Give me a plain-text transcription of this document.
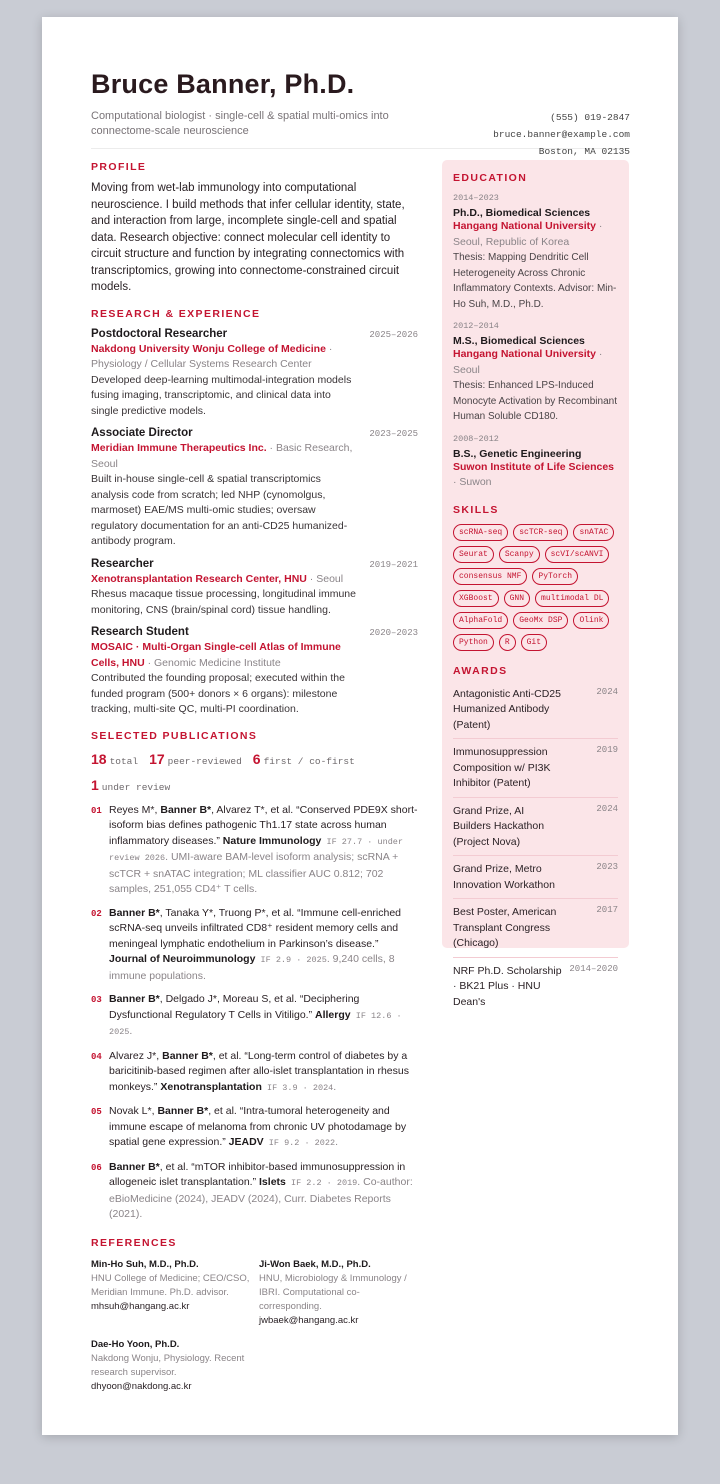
Bruce Banner, Ph.D.
Computational biologist · single-cell & spatial multi-omics into connectome-scale neuroscience
(555) 019-2847
bruce.banner@example.com
Boston, MA 02135
PROFILE
Moving from wet-lab immunology into computational neuroscience. I build methods that infer cellular identity, state, and interaction from large, incomplete single-cell and spatial data. Research objective: connect molecular cell identity to circuit structure and function by integrating connectomics with transcriptomics, growing into connectome-constrained circuit models.
RESEARCH & EXPERIENCE
Postdoctoral Researcher	2025–2026
Nakdong University Wonju College of Medicine · Physiology / Cellular Systems Research Center
Developed deep-learning multimodal-integration models fusing imaging, transcriptomic, and clinical data into single predictive models.
Associate Director	2023–2025
Meridian Immune Therapeutics Inc. · Basic Research, Seoul
Built in-house single-cell & spatial transcriptomics analysis code from scratch; led NHP (cynomolgus, marmoset) EAE/MS multi-omic studies; oversaw regulatory documentation for an anti-CD25 humanized-antibody program.
Researcher	2019–2021
Xenotransplantation Research Center, HNU · Seoul
Rhesus macaque tissue processing, longitudinal immune monitoring, CNS (brain/spinal cord) tissue handling.
Research Student	2020–2023
MOSAIC · Multi-Organ Single-cell Atlas of Immune Cells, HNU · Genomic Medicine Institute
Contributed the founding proposal; executed within the funded program (500+ donors × 6 organs): milestone tracking, multi-site QC, multi-PI coordination.
SELECTED PUBLICATIONS
18 total 17 peer-reviewed 6 first / co-first
1 under review
01 Reyes M*, Banner B*, Alvarez T*, et al. “Conserved PDE9X short-isoform bias defines pathogenic Th1.17 state across human inflammatory diseases.” Nature Immunology IF 27.7 · under review 2026. UMI-aware BAM-level isoform analysis; scRNA + scTCR + snATAC integration; ML classifier AUC 0.812; 702 samples, 251,055 CD4⁺ T cells.
02 Banner B*, Tanaka Y*, Truong P*, et al. “Immune cell-enriched scRNA-seq unveils infiltrated CD8⁺ resident memory cells and meningeal lymphatic endothelium in Parkinson’s disease.” Journal of Neuroimmunology IF 2.9 · 2025. 9,240 cells, 8 immune populations.
03 Banner B*, Delgado J*, Moreau S, et al. “Deciphering Dysfunctional Regulatory T Cells in Vitiligo.” Allergy IF 12.6 · 2025.
04 Alvarez J*, Banner B*, et al. “Long-term control of diabetes by a baricitinib-based regimen after allo-islet transplantation in rhesus monkeys.” Xenotransplantation IF 3.9 · 2024.
05 Novak L*, Banner B*, et al. “Intra-tumoral heterogeneity and immune escape of melanoma from chronic UV photodamage by spatial gene expression.” JEADV IF 9.2 · 2022.
06 Banner B*, et al. “mTOR inhibitor-based immunosuppression in allogeneic islet transplantation.” Islets IF 2.2 · 2019. Co-author: eBioMedicine (2024), JEADV (2024), Curr. Diabetes Reports (2021).
REFERENCES
Min-Ho Suh, M.D., Ph.D.
HNU College of Medicine; CEO/CSO, Meridian Immune. Ph.D. advisor.
mhsuh@hangang.ac.kr
Ji-Won Baek, M.D., Ph.D.
HNU, Microbiology & Immunology / IBRI. Computational co-corresponding.
jwbaek@hangang.ac.kr
Dae-Ho Yoon, Ph.D.
Nakdong Wonju, Physiology. Recent research supervisor.
dhyoon@nakdong.ac.kr
EDUCATION
2014–2023
Ph.D., Biomedical Sciences
Hangang National University · Seoul, Republic of Korea
Thesis: Mapping Dendritic Cell Heterogeneity Across Chronic Inflammatory Contexts. Advisor: Min-Ho Suh, M.D., Ph.D.
2012–2014
M.S., Biomedical Sciences
Hangang National University · Seoul
Thesis: Enhanced LPS-Induced Monocyte Activation by Recombinant Human Soluble CD180.
2008–2012
B.S., Genetic Engineering
Suwon Institute of Life Sciences · Suwon
SKILLS
scRNA-seq	scTCR-seq	snATAC
Seurat	Scanpy	scVI/scANVI
consensus NMF	PyTorch
XGBoost	GNN	multimodal DL
AlphaFold	GeoMx DSP	Olink
Python	R	Git
AWARDS
Antagonistic Anti-CD25 Humanized Antibody (Patent)
2024
Immunosuppression Composition w/ PI3K Inhibitor (Patent)
2019
Grand Prize, AI Builders Hackathon (Project Nova)
2024
Grand Prize, Metro Innovation Workathon
2023
Best Poster, American Transplant Congress (Chicago)
2017
NRF Ph.D. Scholarship · BK21 Plus · HNU Dean's
2014–2020
